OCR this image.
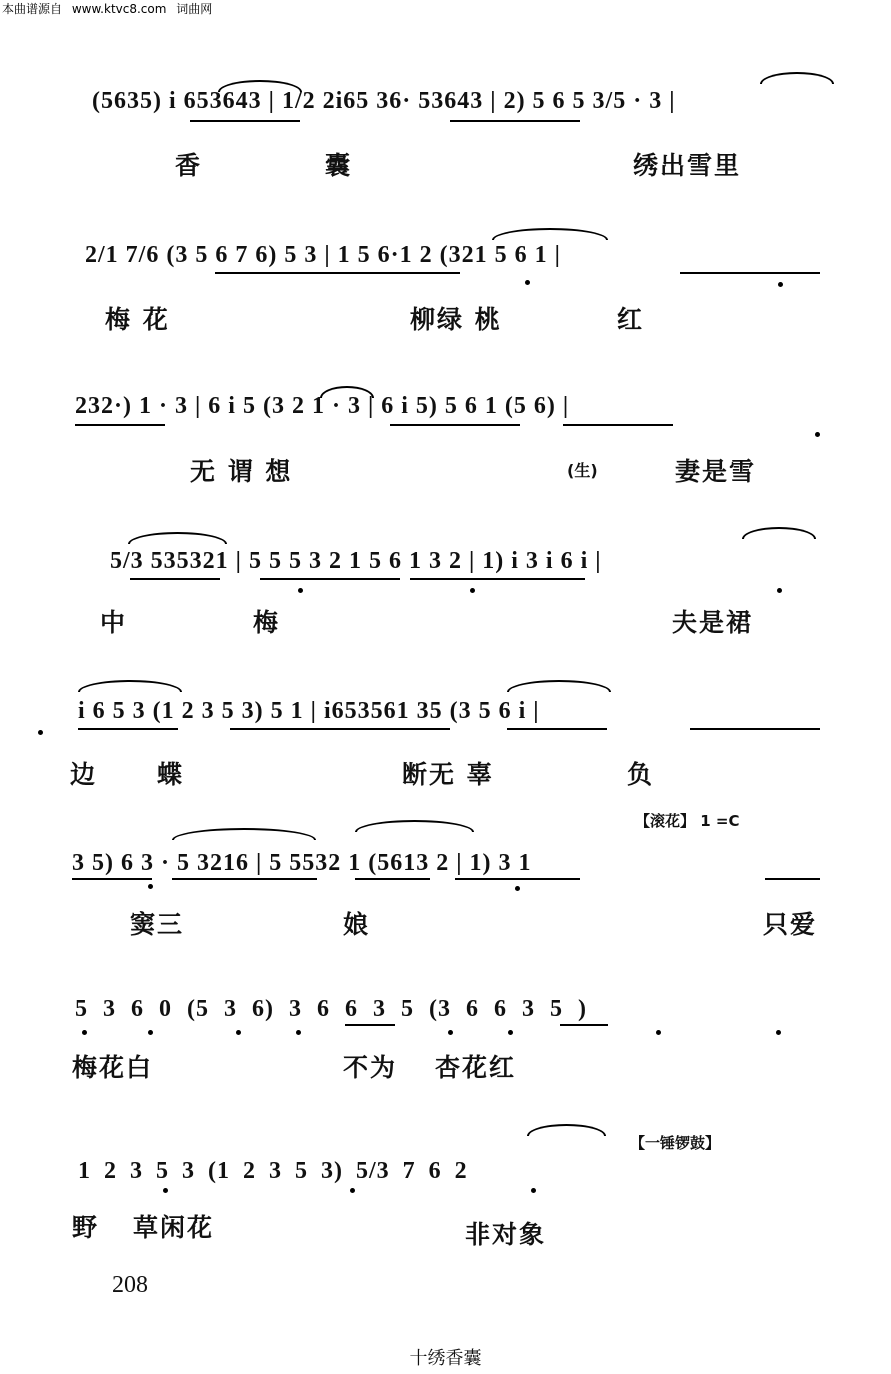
本曲谱源自 www.ktvc8.com 词曲网
(5635) i 653643 | 1/2 2i65 36· 53643 | 2) 5 6 5 3/5 · 3 |
香	囊	绣出雪里
2/1 7/6 (3 5 6 7 6) 5 3 | 1 5 6·1 2 (321 5 6 1 |
梅 花	柳绿 桃	红
232·) 1 · 3 | 6 i 5 (3 2 1 · 3 | 6 i 5) 5 6 1 (5 6) |
无 谓 想	(生)	妻是雪
5/3 535321 | 5 5 5 3 2 1 5 6 1 3 2 | 1) i 3 i 6 i |
中	梅	夫是裙
i 6 5 3 (1 2 3 5 3) 5 1 | i653561 35 (3 5 6 i |
边 蝶	断无 辜	负
【滚花】 1 =C
3 5) 6 3 · 5 3216 | 5 5532 1 (5613 2 | 1) 3 1
窦三	娘	只爱
5 3 6 0 (5 3 6) 3 6 6 3 5 (3 6 6 3 5 )
梅花白	不为 杏花红
【一锤锣鼓】
1 2 3 5 3 (1 2 3 5 3) 5/3 7 6 2
野 草闲花	非对象
208
十绣香囊
